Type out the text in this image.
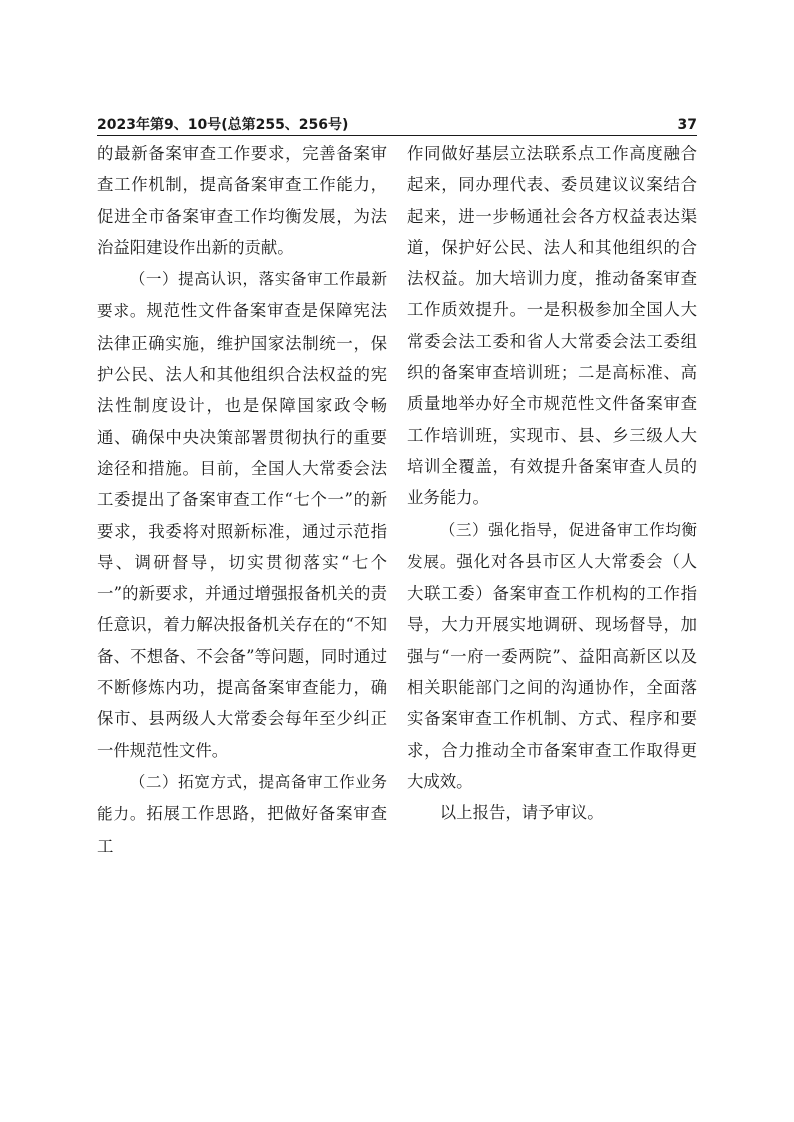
2023年第9、10号(总第255、256号)	37

的最新备案审查工作要求，完善备案审查工作机制，提高备案审查工作能力，促进全市备案审查工作均衡发展，为法治益阳建设作出新的贡献。

（一）提高认识，落实备审工作最新要求。规范性文件备案审查是保障宪法法律正确实施，维护国家法制统一，保护公民、法人和其他组织合法权益的宪法性制度设计，也是保障国家政令畅通、确保中央决策部署贯彻执行的重要途径和措施。目前，全国人大常委会法工委提出了备案审查工作“七个一”的新要求，我委将对照新标准，通过示范指导、调研督导，切实贯彻落实“七个一”的新要求，并通过增强报备机关的责任意识，着力解决报备机关存在的“不知备、不想备、不会备”等问题，同时通过不断修炼内功，提高备案审查能力，确保市、县两级人大常委会每年至少纠正一件规范性文件。

（二）拓宽方式，提高备审工作业务能力。拓展工作思路，把做好备案审查工

作同做好基层立法联系点工作高度融合起来，同办理代表、委员建议议案结合起来，进一步畅通社会各方权益表达渠道，保护好公民、法人和其他组织的合法权益。加大培训力度，推动备案审查工作质效提升。一是积极参加全国人大常委会法工委和省人大常委会法工委组织的备案审查培训班；二是高标准、高质量地举办好全市规范性文件备案审查工作培训班，实现市、县、乡三级人大培训全覆盖，有效提升备案审查人员的业务能力。

（三）强化指导，促进备审工作均衡发展。强化对各县市区人大常委会（人大联工委）备案审查工作机构的工作指导，大力开展实地调研、现场督导，加强与“一府一委两院”、益阳高新区以及相关职能部门之间的沟通协作，全面落实备案审查工作机制、方式、程序和要求，合力推动全市备案审查工作取得更大成效。

以上报告，请予审议。
